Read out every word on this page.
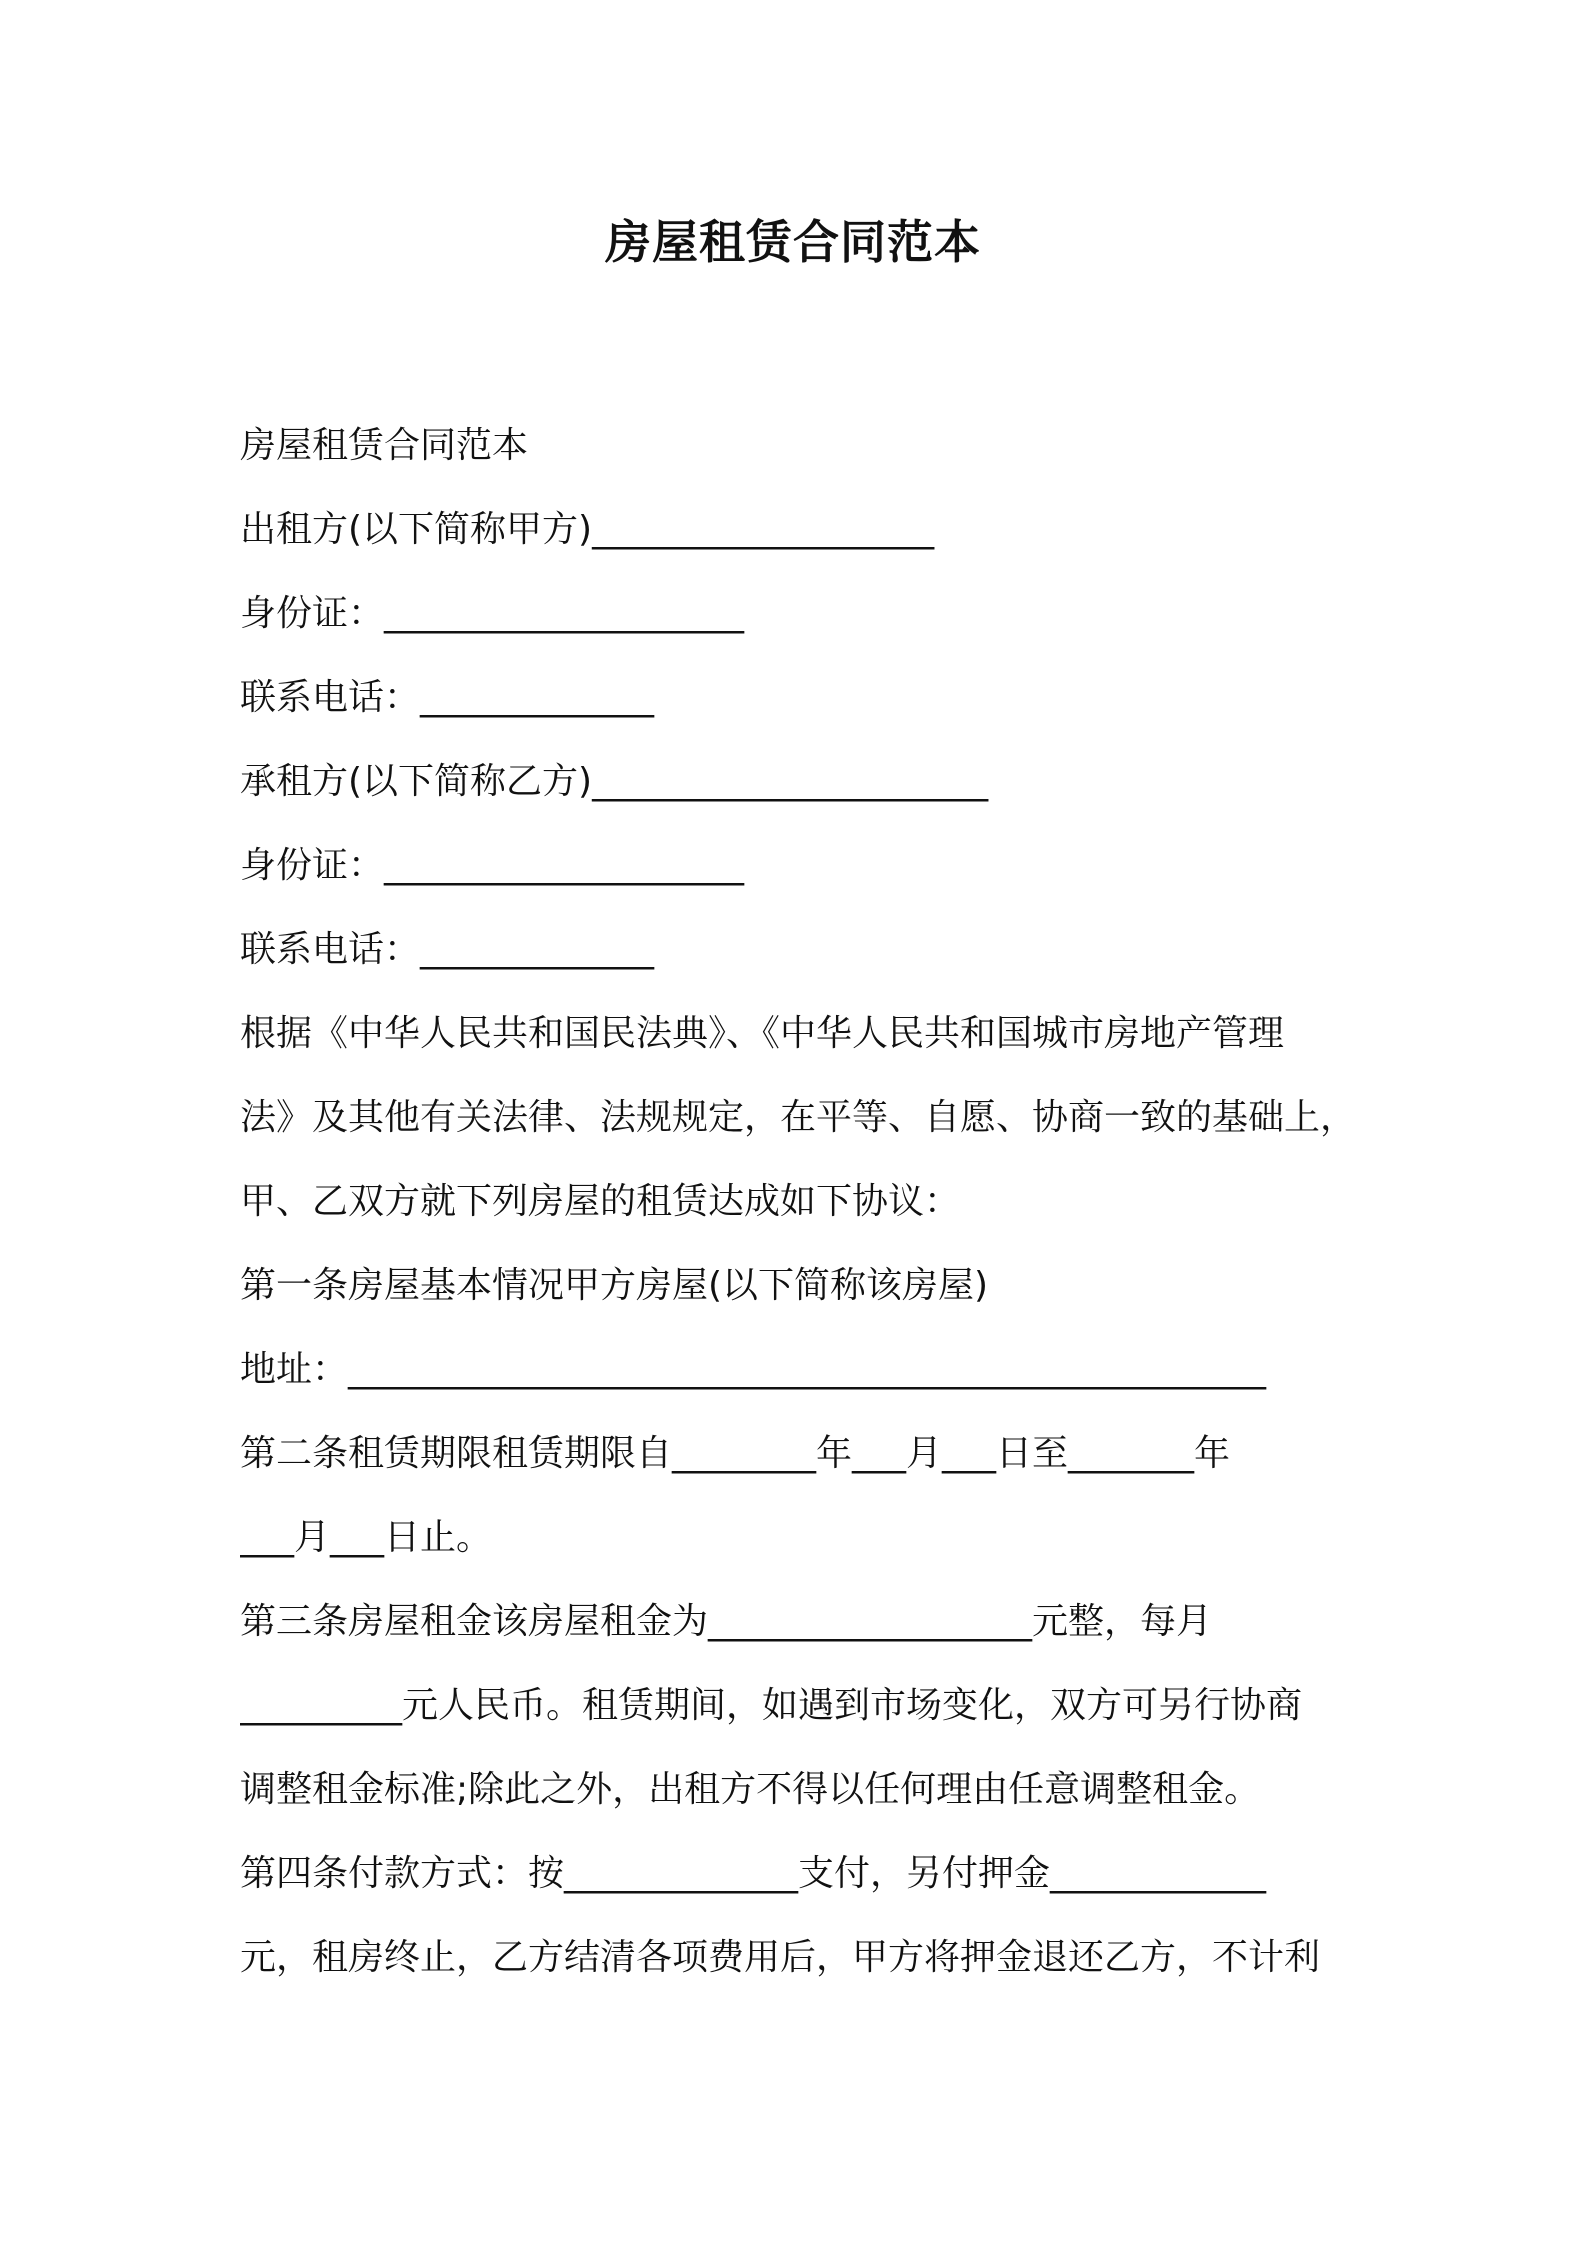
房屋租赁合同范本
房屋租赁合同范本
出租方(以下简称甲方)___________________
身份证：____________________
联系电话：_____________
承租方(以下简称乙方)______________________
身份证：____________________
联系电话：_____________
根据《中华人民共和国民法典》、《中华人民共和国城市房地产管理
法》及其他有关法律、法规规定，在平等、自愿、协商一致的基础上，
甲、乙双方就下列房屋的租赁达成如下协议：
第一条房屋基本情况甲方房屋(以下简称该房屋)
地址：___________________________________________________
第二条租赁期限租赁期限自________年___月___日至_______年
___月___日止。
第三条房屋租金该房屋租金为__________________元整，每月
_________元人民币。租赁期间，如遇到市场变化，双方可另行协商
调整租金标准;除此之外，出租方不得以任何理由任意调整租金。
第四条付款方式：按_____________支付，另付押金____________
元，租房终止，乙方结清各项费用后，甲方将押金退还乙方，不计利
